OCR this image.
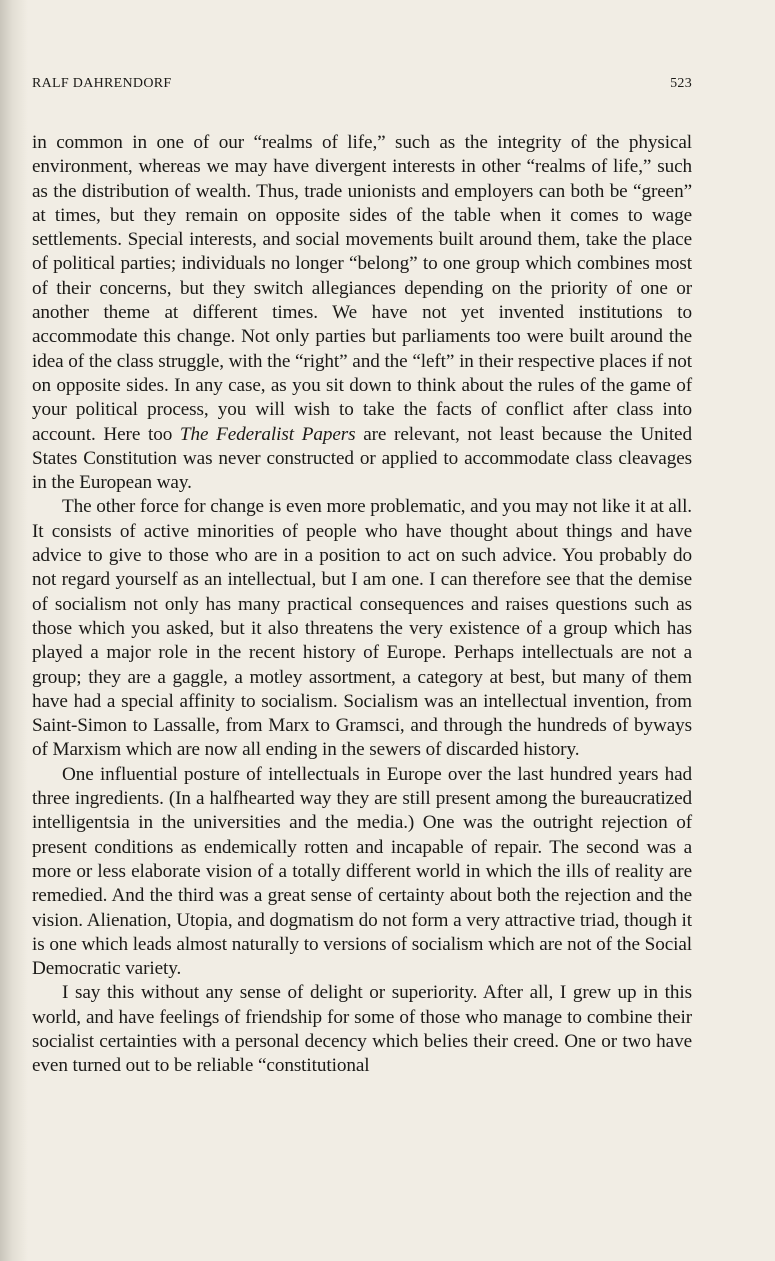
RALF DAHRENDORF	523

in common in one of our “realms of life,” such as the integrity of the physical environment, whereas we may have divergent interests in other “realms of life,” such as the distribution of wealth. Thus, trade unionists and employers can both be “green” at times, but they remain on opposite sides of the table when it comes to wage settlements. Special interests, and social movements built around them, take the place of political parties; individuals no longer “belong” to one group which combines most of their concerns, but they switch allegiances depending on the priority of one or another theme at different times. We have not yet invented institutions to accommodate this change. Not only parties but parliaments too were built around the idea of the class struggle, with the “right” and the “left” in their respective places if not on opposite sides. In any case, as you sit down to think about the rules of the game of your political process, you will wish to take the facts of conflict after class into account. Here too The Federalist Papers are relevant, not least because the United States Constitution was never constructed or applied to accommodate class cleavages in the European way.

The other force for change is even more problematic, and you may not like it at all. It consists of active minorities of people who have thought about things and have advice to give to those who are in a position to act on such advice. You probably do not regard yourself as an intellectual, but I am one. I can therefore see that the demise of socialism not only has many practical consequences and raises questions such as those which you asked, but it also threatens the very existence of a group which has played a major role in the recent history of Europe. Perhaps intellectuals are not a group; they are a gaggle, a motley assortment, a category at best, but many of them have had a special affinity to socialism. Socialism was an intellectual invention, from Saint-Simon to Lassalle, from Marx to Gramsci, and through the hundreds of byways of Marxism which are now all ending in the sewers of discarded history.

One influential posture of intellectuals in Europe over the last hundred years had three ingredients. (In a halfhearted way they are still present among the bureaucratized intelligentsia in the universities and the media.) One was the outright rejection of present conditions as endemically rotten and incapable of repair. The second was a more or less elaborate vision of a totally different world in which the ills of reality are remedied. And the third was a great sense of certainty about both the rejection and the vision. Alienation, Utopia, and dogmatism do not form a very attractive triad, though it is one which leads almost naturally to versions of socialism which are not of the Social Democratic variety.

I say this without any sense of delight or superiority. After all, I grew up in this world, and have feelings of friendship for some of those who manage to combine their socialist certainties with a personal decency which belies their creed. One or two have even turned out to be reliable “constitutional
